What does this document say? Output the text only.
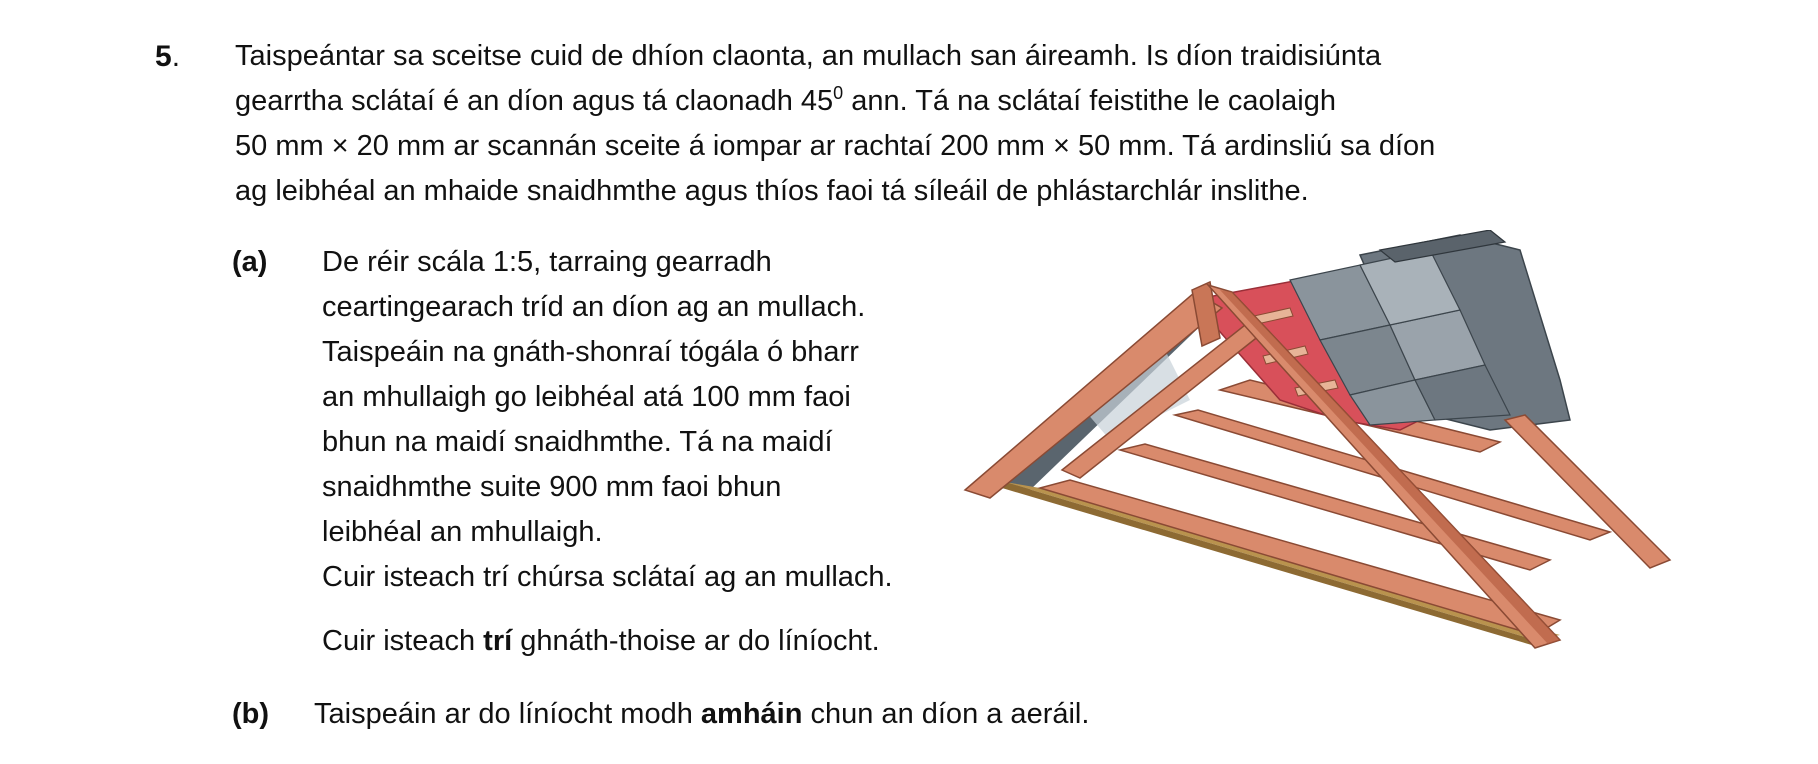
5. Taispeántar sa sceitse cuid de dhíon claonta, an mullach san áireamh. Is díon traidisiúnta
gearrtha sclátaí é an díon agus tá claonadh $45^0$ ann. Tá na sclátaí feistithe le caolaigh
50 mm × 20 mm ar scannán sceite á iompar ar rachtaí 200 mm × 50 mm. Tá ardinsliú sa díon
ag leibhéal an mhaide snaidhmthe agus thíos faoi tá síleáil de phlástarchlár inslithe.
(a) De réir scála 1:5, tarraing gearradh
ceartingearach tríd an díon ag an mullach.
Taispeáin na gnáth-shonraí tógála ó bharr
an mhullaigh go leibhéal atá 100 mm faoi
bhun na maidí snaidhmthe. Tá na maidí
snaidhmthe suite 900 mm faoi bhun
leibhéal an mhullaigh.
Cuir isteach trí chúrsa sclátaí ag an mullach.
Cuir isteach trí ghnáth-thoise ar do líníocht.
(b) Taispeáin ar do líníocht modh amháin chun an díon a aeráil.
